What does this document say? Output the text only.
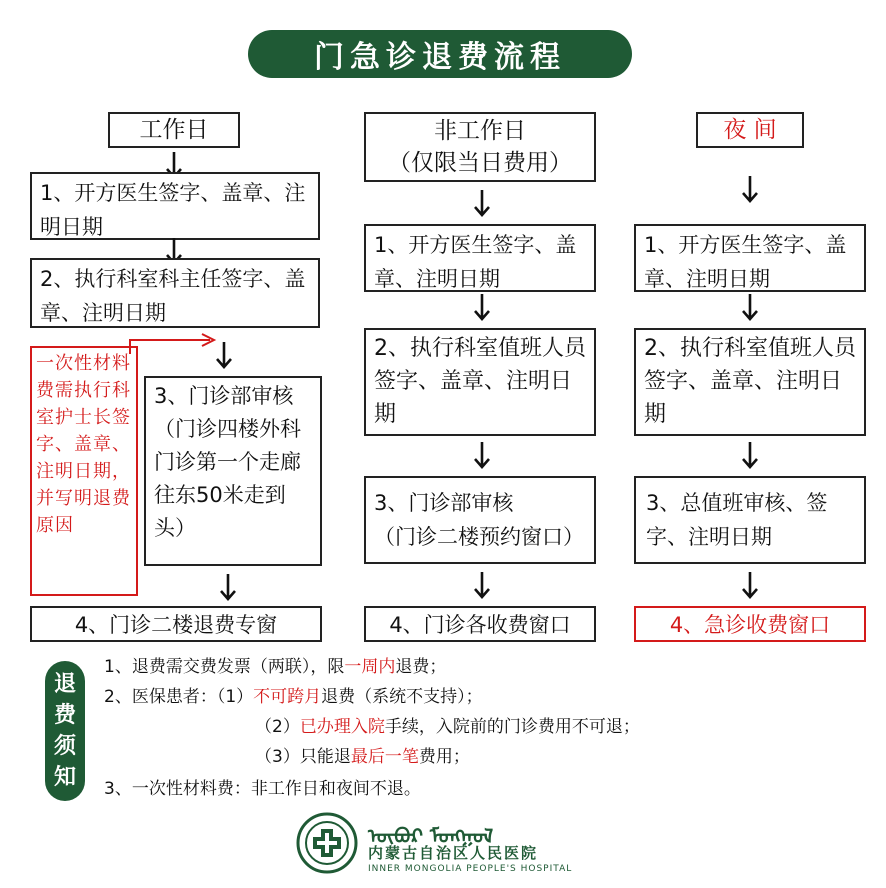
门急诊退费流程
工作日
1、开方医生签字、盖章、注明日期
2、执行科室科主任签字、盖章、注明日期
一次性材料费需执行科室护士长签字、盖章、注明日期，并写明退费原因
3、门诊部审核（门诊四楼外科门诊第一个走廊往东50米走到头）
4、门诊二楼退费专窗
非工作日
（仅限当日费用）
1、开方医生签字、盖章、注明日期
2、执行科室值班人员签字、盖章、注明日期
3、门诊部审核
（门诊二楼预约窗口）
4、门诊各收费窗口
夜 间
1、开方医生签字、盖章、注明日期
2、执行科室值班人员签字、盖章、注明日期
3、总值班审核、签字、注明日期
4、急诊收费窗口
退
费
须
知
1、退费需交费发票（两联），限一周内退费；
2、医保患者：（1）不可跨月退费（系统不支持）；
（2）已办理入院手续，入院前的门诊费用不可退；
（3）只能退最后一笔费用；
3、一次性材料费：非工作日和夜间不退。
ᠥᠪᠦᠷ ᠮᠣᠩᠭᠣᠯ
内蒙古自治区人民医院
INNER MONGOLIA PEOPLE'S HOSPITAL
